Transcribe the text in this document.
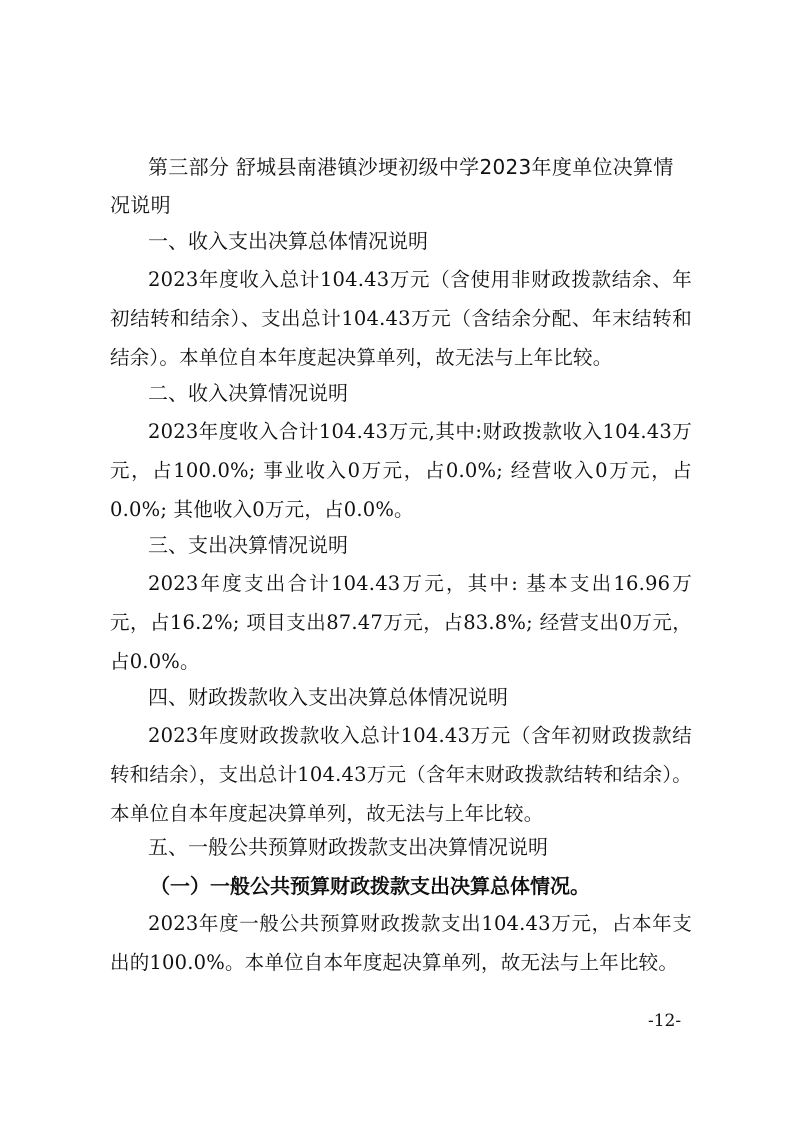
第三部分 舒城县南港镇沙埂初级中学2023年度单位决算情况说明
一、收入支出决算总体情况说明
2023年度收入总计104.43万元（含使用非财政拨款结余、年初结转和结余）、支出总计104.43万元（含结余分配、年末结转和结余）。本单位自本年度起决算单列，故无法与上年比较。
二、收入决算情况说明
2023年度收入合计104.43万元,其中:财政拨款收入104.43万元，占100.0%; 事业收入0万元，占0.0%; 经营收入0万元，占0.0%; 其他收入0万元，占0.0%。
三、支出决算情况说明
2023年度支出合计104.43万元，其中: 基本支出16.96万元，占16.2%; 项目支出87.47万元，占83.8%; 经营支出0万元，占0.0%。
四、财政拨款收入支出决算总体情况说明
2023年度财政拨款收入总计104.43万元（含年初财政拨款结转和结余），支出总计104.43万元（含年末财政拨款结转和结余）。本单位自本年度起决算单列，故无法与上年比较。
五、一般公共预算财政拨款支出决算情况说明
（一）一般公共预算财政拨款支出决算总体情况。
2023年度一般公共预算财政拨款支出104.43万元，占本年支出的100.0%。本单位自本年度起决算单列，故无法与上年比较。
-12-
